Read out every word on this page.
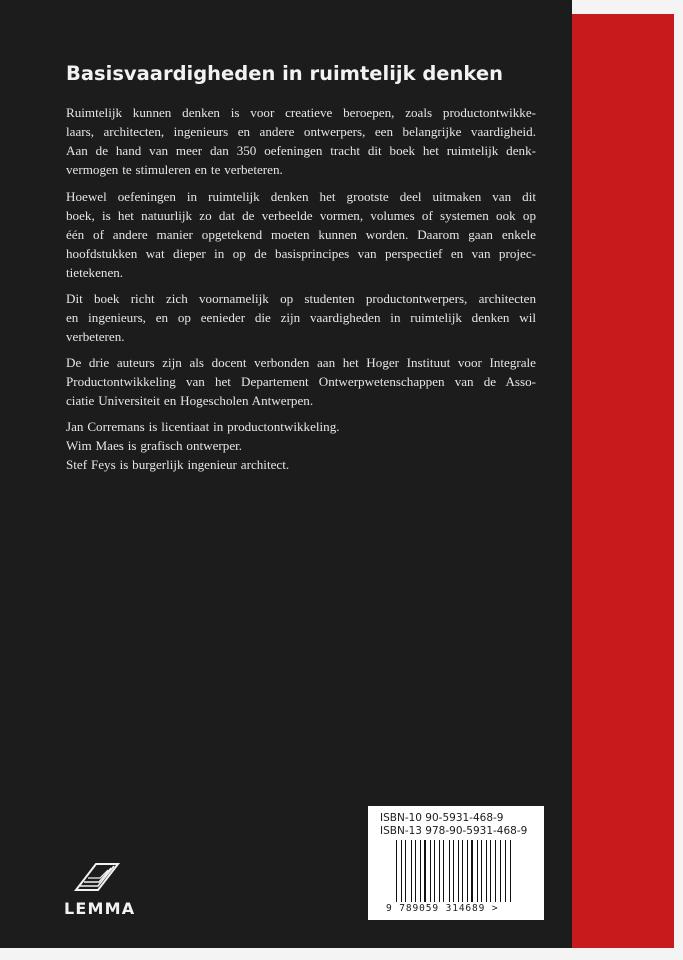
Basisvaardigheden in ruimtelijk denken
Ruimtelijk kunnen denken is voor creatieve beroepen, zoals productontwikke-
laars, architecten, ingenieurs en andere ontwerpers, een belangrijke vaardigheid.
Aan de hand van meer dan 350 oefeningen tracht dit boek het ruimtelijk denk-
vermogen te stimuleren en te verbeteren.
Hoewel oefeningen in ruimtelijk denken het grootste deel uitmaken van dit
boek, is het natuurlijk zo dat de verbeelde vormen, volumes of systemen ook op
één of andere manier opgetekend moeten kunnen worden. Daarom gaan enkele
hoofdstukken wat dieper in op de basisprincipes van perspectief en van projec-
tietekenen.
Dit boek richt zich voornamelijk op studenten productontwerpers, architecten
en ingenieurs, en op eenieder die zijn vaardigheden in ruimtelijk denken wil
verbeteren.
De drie auteurs zijn als docent verbonden aan het Hoger Instituut voor Integrale
Productontwikkeling van het Departement Ontwerpwetenschappen van de Asso-
ciatie Universiteit en Hogescholen Antwerpen.
Jan Corremans is licentiaat in productontwikkeling.
Wim Maes is grafisch ontwerper.
Stef Feys is burgerlijk ingenieur architect.
ISBN-10 90-5931-468-9
ISBN-13 978-90-5931-468-9
9 789059 314689 >
LEMMA
